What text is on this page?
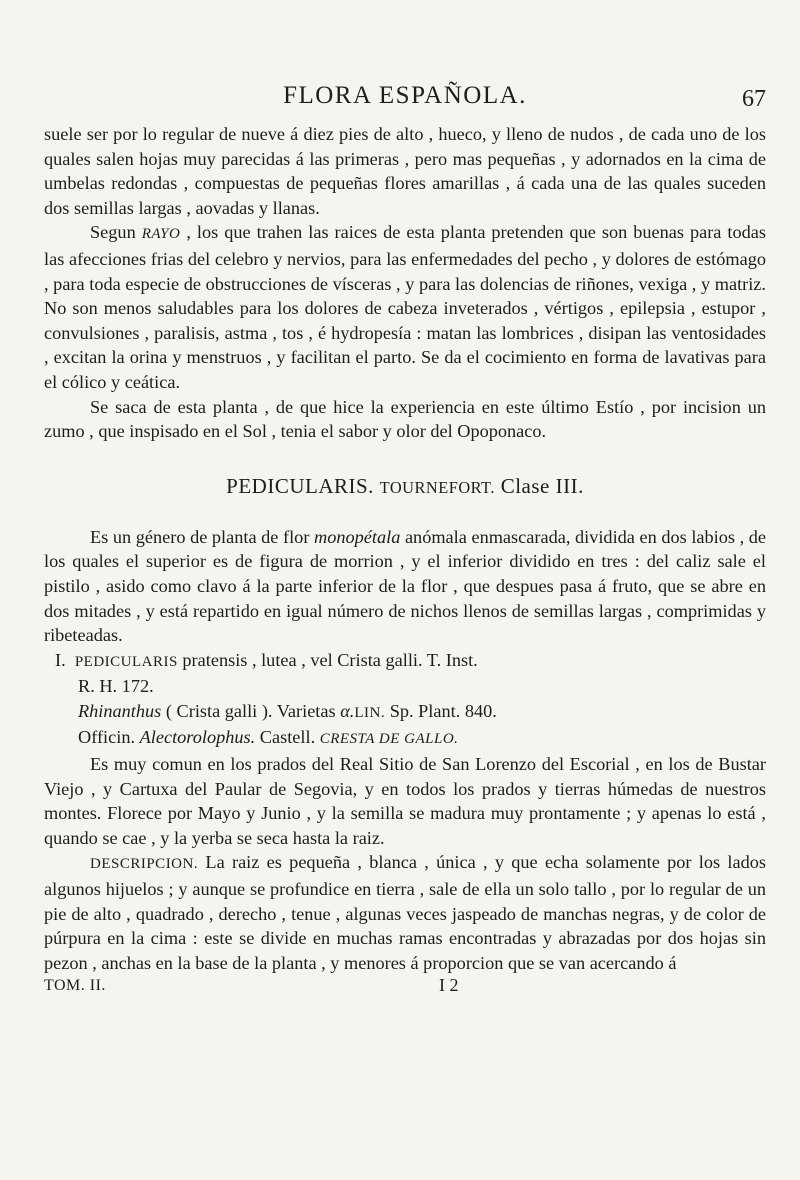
FLORA ESPAÑOLA.	67

suele ser por lo regular de nueve á diez pies de alto , hueco, y lleno de nudos , de cada uno de los quales salen hojas muy parecidas á las primeras , pero mas pequeñas , y adornados en la cima de umbelas redondas , compuestas de pequeñas flores amarillas , á cada una de las quales suceden dos semillas largas , aovadas y llanas.

Segun RAYO , los que trahen las raices de esta planta pretenden que son buenas para todas las afecciones frias del celebro y nervios, para las enfermedades del pecho , y dolores de estómago , para toda especie de obstrucciones de vísceras , y para las dolencias de riñones, vexiga , y matriz. No son menos saludables para los dolores de cabeza inveterados , vértigos , epilepsia , estupor , convulsiones , paralisis, astma , tos , é hydropesía : matan las lombrices , disipan las ventosidades , excitan la orina y menstruos , y facilitan el parto. Se da el cocimiento en forma de lavativas para el cólico y ceática.

Se saca de esta planta , de que hice la experiencia en este último Estío , por incision un zumo , que inspisado en el Sol , tenia el sabor y olor del Opoponaco.

PEDICULARIS. TOURNEFORT. Clase III.

Es un género de planta de flor monopétala anómala enmascarada, dividida en dos labios , de los quales el superior es de figura de morrion , y el inferior dividido en tres : del caliz sale el pistilo , asido como clavo á la parte inferior de la flor , que despues pasa á fruto, que se abre en dos mitades , y está repartido en igual número de nichos llenos de semillas largas , comprimidas y ribeteadas.

I. PEDICULARIS pratensis , lutea , vel Crista galli. T. Inst.

R. H. 172.

Rhinanthus ( Crista galli ). Varietas α.LIN. Sp. Plant. 840.

Officin. Alectorolophus. Castell. CRESTA DE GALLO.

Es muy comun en los prados del Real Sitio de San Lorenzo del Escorial , en los de Bustar Viejo , y Cartuxa del Paular de Segovia, y en todos los prados y tierras húmedas de nuestros montes. Florece por Mayo y Junio , y la semilla se madura muy prontamente ; y apenas lo está , quando se cae , y la yerba se seca hasta la raiz.

DESCRIPCION. La raiz es pequeña , blanca , única , y que echa solamente por los lados algunos hijuelos ; y aunque se profundice en tierra , sale de ella un solo tallo , por lo regular de un pie de alto , quadrado , derecho , tenue , algunas veces jaspeado de manchas negras, y de color de púrpura en la cima : este se divide en muchas ramas encontradas y abrazadas por dos hojas sin pezon , anchas en la base de la planta , y menores á proporcion que se van acercando á

TOM. II.	I 2
